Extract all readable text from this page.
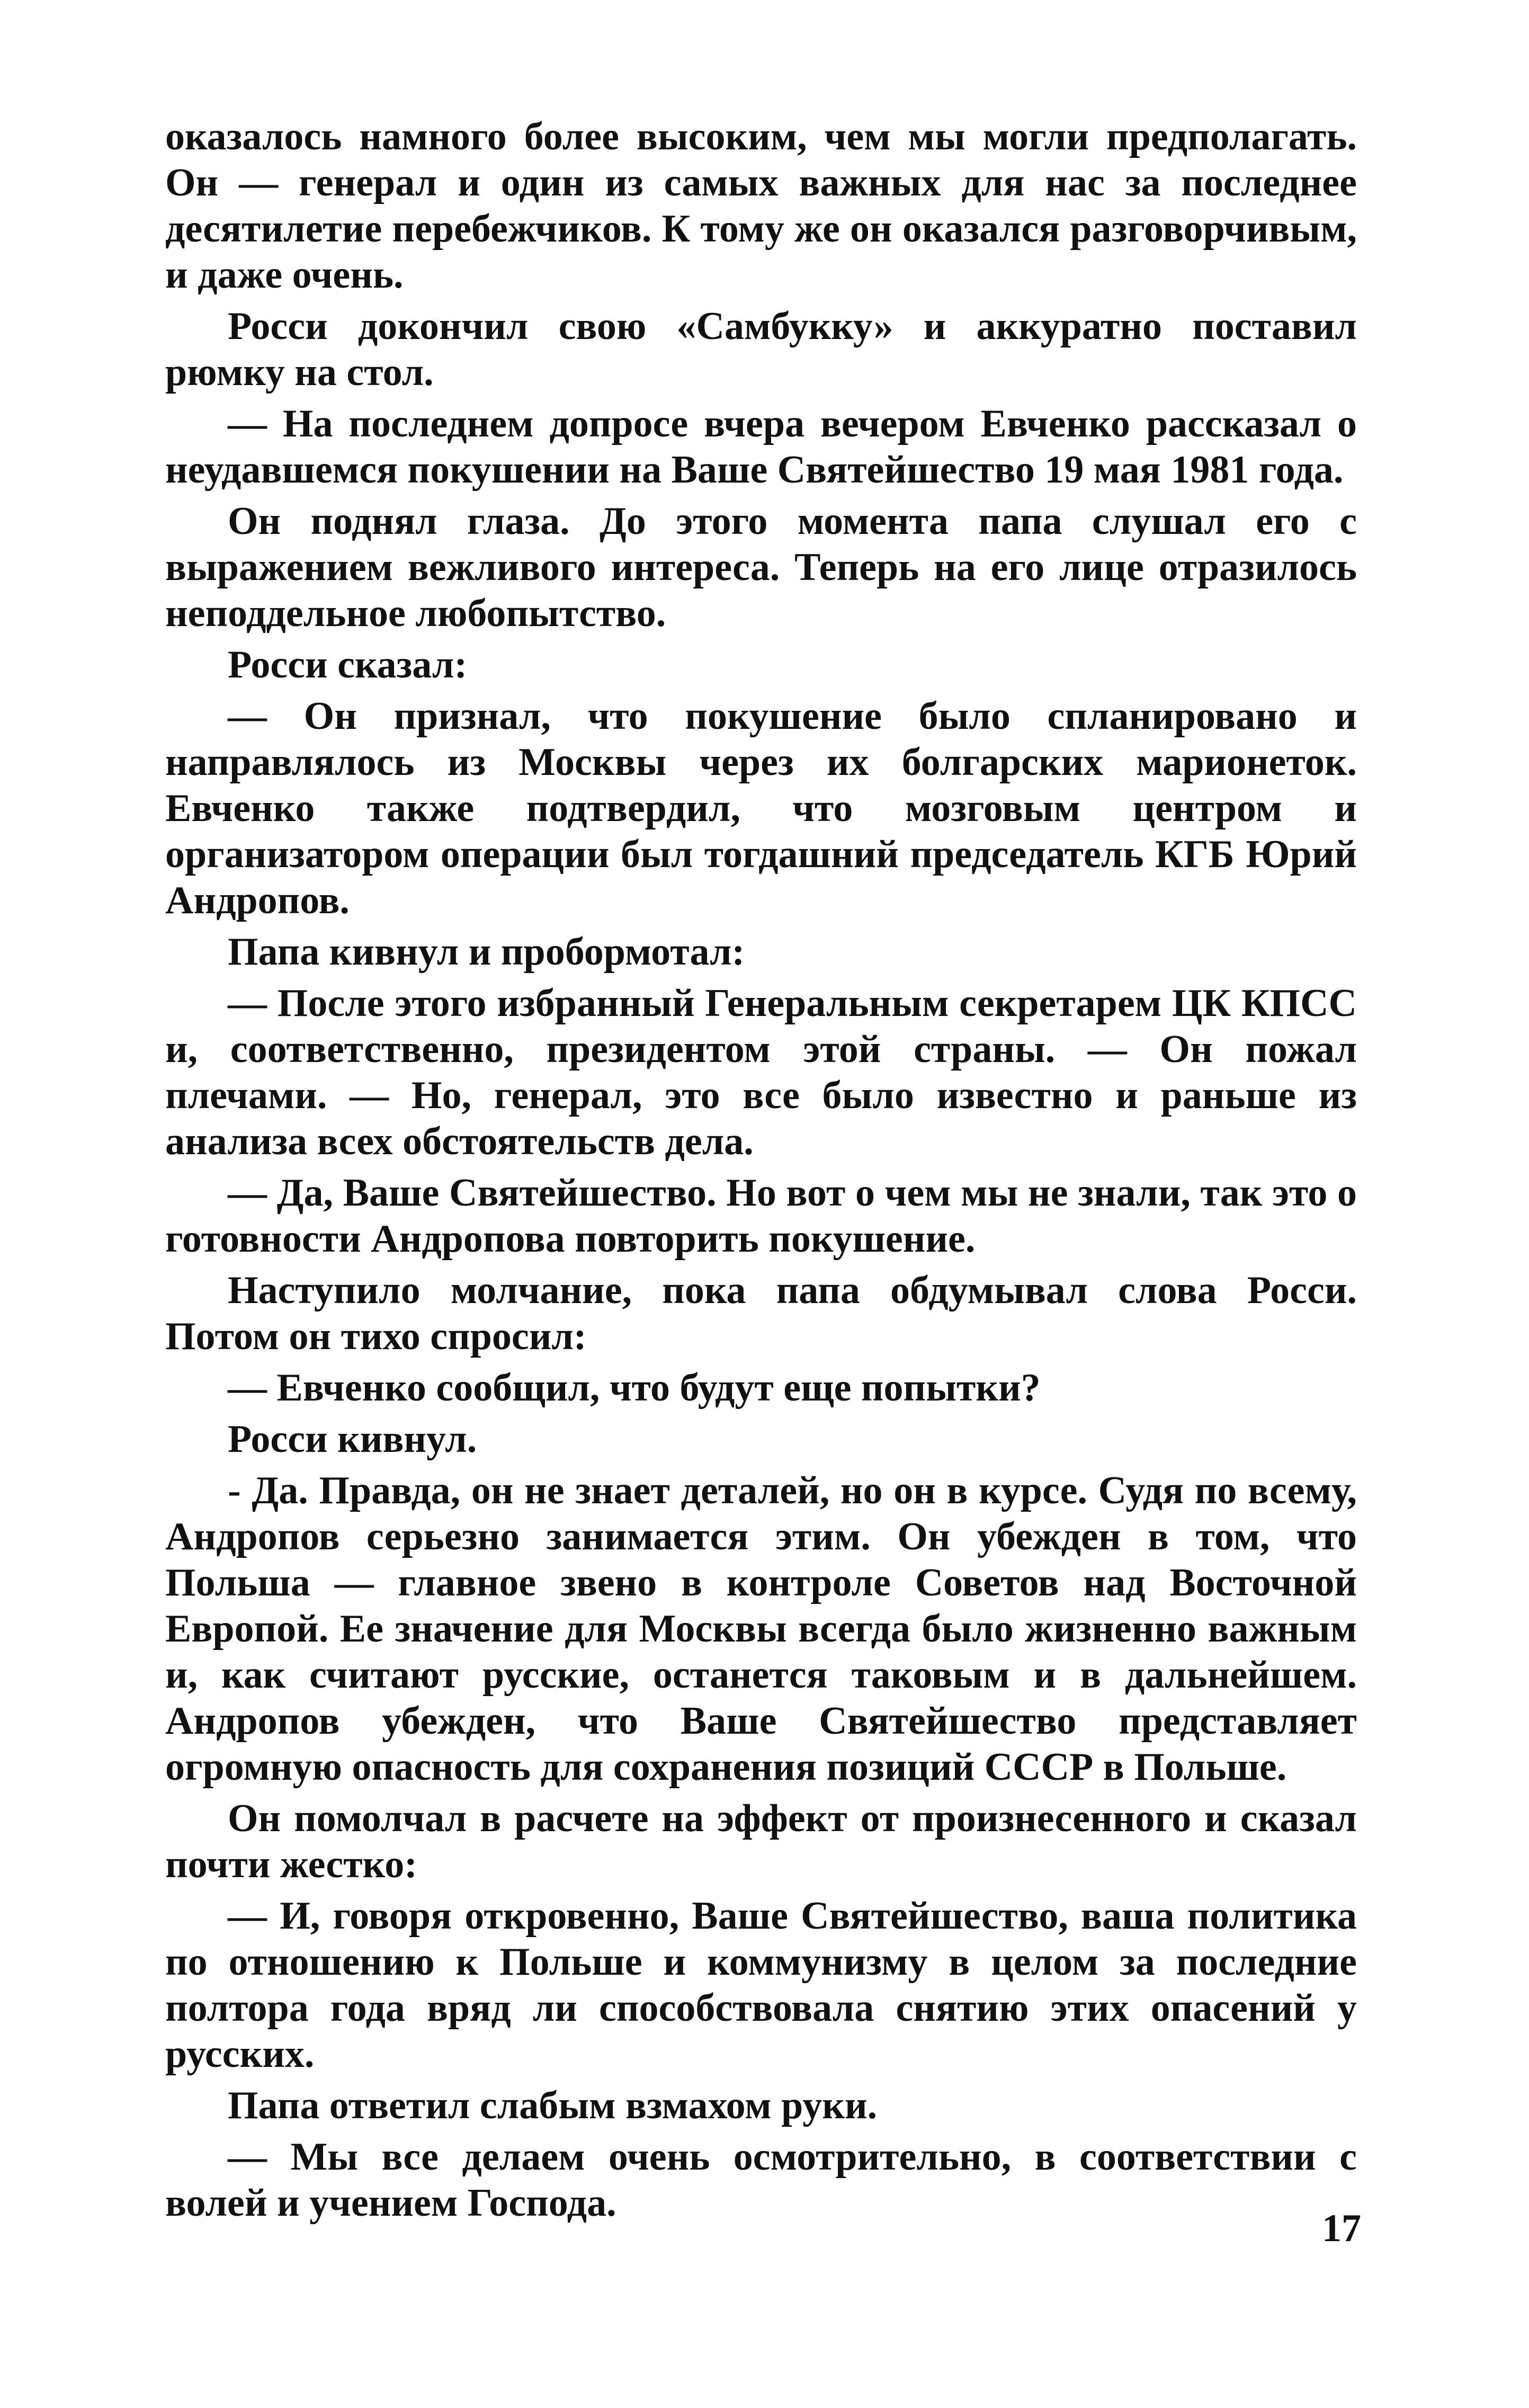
оказалось намного более высоким, чем мы могли предполагать. Он — генерал и один из самых важных для нас за последнее десятилетие перебежчиков. К тому же он оказался разговорчивым, и даже очень.

Росси докончил свою «Самбукку» и аккуратно поставил рюмку на стол.

— На последнем допросе вчера вечером Евченко рассказал о неудавшемся покушении на Ваше Святейшество 19 мая 1981 года.

Он поднял глаза. До этого момента папа слушал его с выражением вежливого интереса. Теперь на его лице отразилось неподдельное любопытство.

Росси сказал:

— Он признал, что покушение было спланировано и направлялось из Москвы через их болгарских марионеток. Евченко также подтвердил, что мозговым центром и организатором операции был тогдашний председатель КГБ Юрий Андропов.

Папа кивнул и пробормотал:

— После этого избранный Генеральным секретарем ЦК КПСС и, соответственно, президентом этой страны. — Он пожал плечами. — Но, генерал, это все было известно и раньше из анализа всех обстоятельств дела.

— Да, Ваше Святейшество. Но вот о чем мы не знали, так это о готовности Андропова повторить покушение.

Наступило молчание, пока папа обдумывал слова Росси. Потом он тихо спросил:

— Евченко сообщил, что будут еще попытки?

Росси кивнул.

- Да. Правда, он не знает деталей, но он в курсе. Судя по всему, Андропов серьезно занимается этим. Он убежден в том, что Польша — главное звено в контроле Советов над Восточной Европой. Ее значение для Москвы всегда было жизненно важным и, как считают русские, останется таковым и в дальнейшем. Андропов убежден, что Ваше Святейшество представляет огромную опасность для сохранения позиций СССР в Польше.

Он помолчал в расчете на эффект от произнесенного и сказал почти жестко:

— И, говоря откровенно, Ваше Святейшество, ваша политика по отношению к Польше и коммунизму в целом за последние полтора года вряд ли способствовала снятию этих опасений у русских.

Папа ответил слабым взмахом руки.

— Мы все делаем очень осмотрительно, в соответствии с волей и учением Господа.

17
